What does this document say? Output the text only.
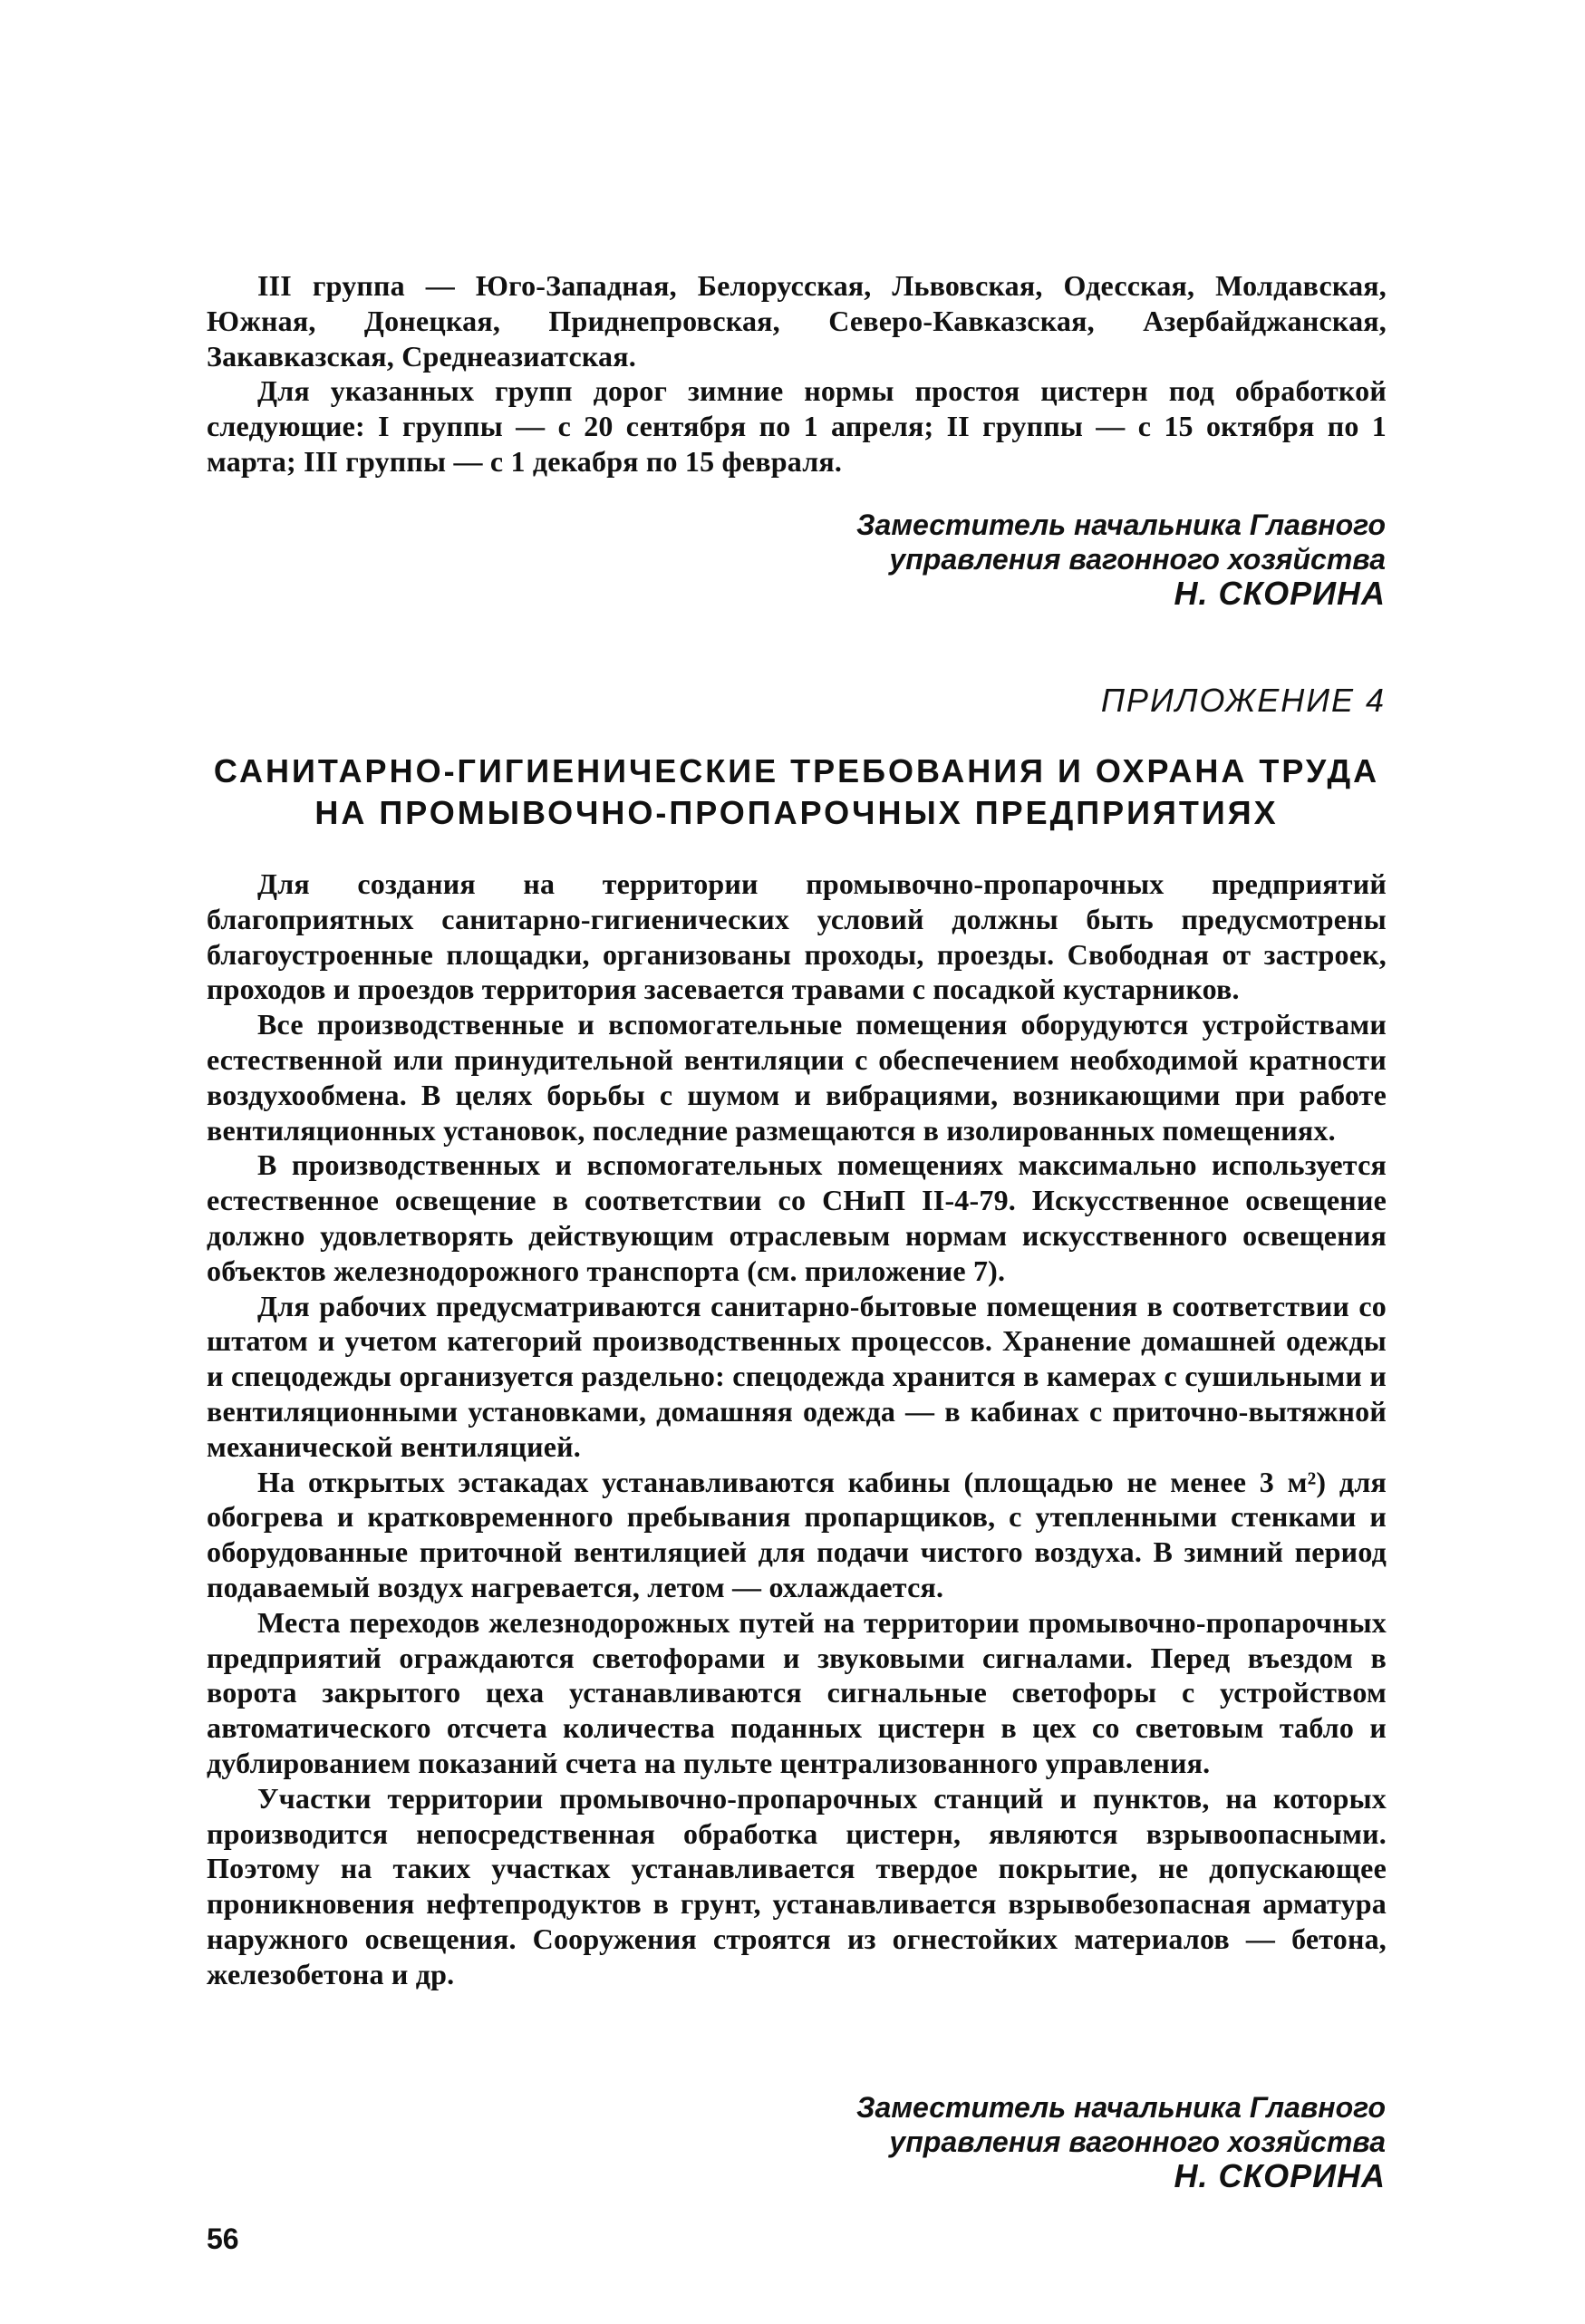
III группа — Юго-Западная, Белорусская, Львовская, Одесская, Молдавская, Южная, Донецкая, Приднепровская, Северо-Кавказская, Азербайджанская, Закавказская, Среднеазиатская.

Для указанных групп дорог зимние нормы простоя цистерн под обработкой следующие: I группы — с 20 сентября по 1 апреля; II группы — с 15 октября по 1 марта; III группы — с 1 декабря по 15 февраля.

Заместитель начальника Главного
управления вагонного хозяйства
Н. СКОРИНА
ПРИЛОЖЕНИЕ 4
САНИТАРНО-ГИГИЕНИЧЕСКИЕ ТРЕБОВАНИЯ И ОХРАНА ТРУДА
НА ПРОМЫВОЧНО-ПРОПАРОЧНЫХ ПРЕДПРИЯТИЯХ

Для создания на территории промывочно-пропарочных предприятий благоприятных санитарно-гигиенических условий должны быть предусмотрены благоустроенные площадки, организованы проходы, проезды. Свободная от застроек, проходов и проездов территория засевается травами с посадкой кустарников.

Все производственные и вспомогательные помещения оборудуются устройствами естественной или принудительной вентиляции с обеспечением необходимой кратности воздухообмена. В целях борьбы с шумом и вибрациями, возникающими при работе вентиляционных установок, последние размещаются в изолированных помещениях.

В производственных и вспомогательных помещениях максимально используется естественное освещение в соответствии со СНиП II-4-79. Искусственное освещение должно удовлетворять действующим отраслевым нормам искусственного освещения объектов железнодорожного транспорта (см. приложение 7).

Для рабочих предусматриваются санитарно-бытовые помещения в соответствии со штатом и учетом категорий производственных процессов. Хранение домашней одежды и спецодежды организуется раздельно: спецодежда хранится в камерах с сушильными и вентиляционными установками, домашняя одежда — в кабинах с приточно-вытяжной механической вентиляцией.

На открытых эстакадах устанавливаются кабины (площадью не менее 3 м²) для обогрева и кратковременного пребывания пропарщиков, с утепленными стенками и оборудованные приточной вентиляцией для подачи чистого воздуха. В зимний период подаваемый воздух нагревается, летом — охлаждается.

Места переходов железнодорожных путей на территории промывочно-пропарочных предприятий ограждаются светофорами и звуковыми сигналами. Перед въездом в ворота закрытого цеха устанавливаются сигнальные светофоры с устройством автоматического отсчета количества поданных цистерн в цех со световым табло и дублированием показаний счета на пульте централизованного управления.

Участки территории промывочно-пропарочных станций и пунктов, на которых производится непосредственная обработка цистерн, являются взрывоопасными. Поэтому на таких участках устанавливается твердое покрытие, не допускающее проникновения нефтепродуктов в грунт, устанавливается взрывобезопасная арматура наружного освещения. Сооружения строятся из огнестойких материалов — бетона, железобетона и др.

Заместитель начальника Главного
управления вагонного хозяйства
Н. СКОРИНА
56
